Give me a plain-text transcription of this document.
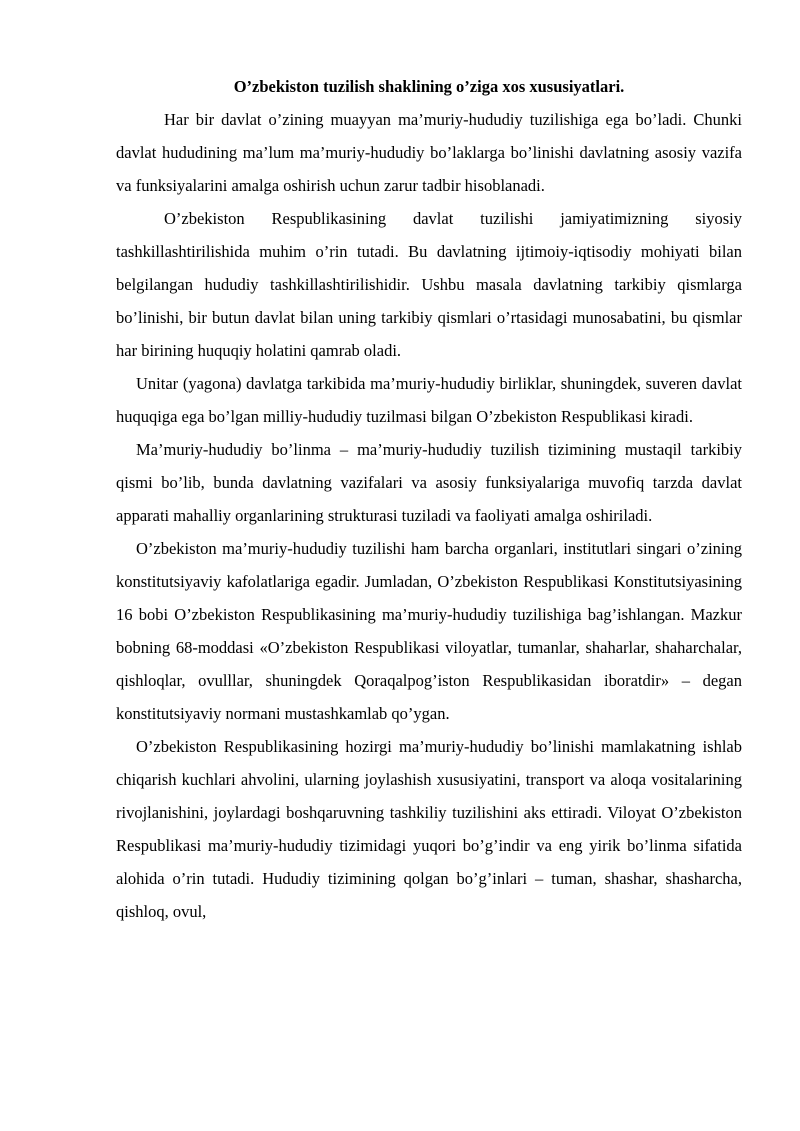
O’zbekiston tuzilish shaklining o’ziga xos xususiyatlari.

Har bir davlat o’zining muayyan ma’muriy-hududiy tuzilishiga ega bo’ladi. Chunki davlat hududining ma’lum ma’muriy-hududiy bo’laklarga bo’linishi davlatning asosiy vazifa va funksiyalarini amalga oshirish uchun zarur tadbir hisoblanadi.

O’zbekiston Respublikasining davlat tuzilishi jamiyatimizning siyosiy tashkillashtirilishida muhim o’rin tutadi. Bu davlatning ijtimoiy-iqtisodiy mohiyati bilan belgilangan hududiy tashkillashtirilishidir. Ushbu masala davlatning tarkibiy qismlarga bo’linishi, bir butun davlat bilan uning tarkibiy qismlari o’rtasidagi munosabatini, bu qismlar har birining huquqiy holatini qamrab oladi.

Unitar (yagona) davlatga tarkibida ma’muriy-hududiy birliklar, shuningdek, suveren davlat huquqiga ega bo’lgan milliy-hududiy tuzilmasi bilgan O’zbekiston Respublikasi kiradi.

Ma’muriy-hududiy bo’linma – ma’muriy-hududiy tuzilish tizimining mustaqil tarkibiy qismi bo’lib, bunda davlatning vazifalari va asosiy funksiyalariga muvofiq tarzda davlat apparati mahalliy organlarining strukturasi tuziladi va faoliyati amalga oshiriladi.

O’zbekiston ma’muriy-hududiy tuzilishi ham barcha organlari, institutlari singari o’zining konstitutsiyaviy kafolatlariga egadir. Jumladan, O’zbekiston Respublikasi Konstitutsiyasining 16 bobi O’zbekiston Respublikasining ma’muriy-hududiy tuzilishiga bag’ishlangan. Mazkur bobning 68-moddasi «O’zbekiston Respublikasi viloyatlar, tumanlar, shaharlar, shaharchalar, qishloqlar, ovulllar, shuningdek Qoraqalpog’iston Respublikasidan iboratdir» – degan konstitutsiyaviy normani mustashkamlab qo’ygan.

O’zbekiston Respublikasining hozirgi ma’muriy-hududiy bo’linishi mamlakatning ishlab chiqarish kuchlari ahvolini, ularning joylashish xususiyatini, transport va aloqa vositalarining rivojlanishini, joylardagi boshqaruvning tashkiliy tuzilishini aks ettiradi. Viloyat O’zbekiston Respublikasi ma’muriy-hududiy tizimidagi yuqori bo’g’indir va eng yirik bo’linma sifatida alohida o’rin tutadi. Hududiy tizimining qolgan bo’g’inlari – tuman, shashar, shasharcha, qishloq, ovul,
